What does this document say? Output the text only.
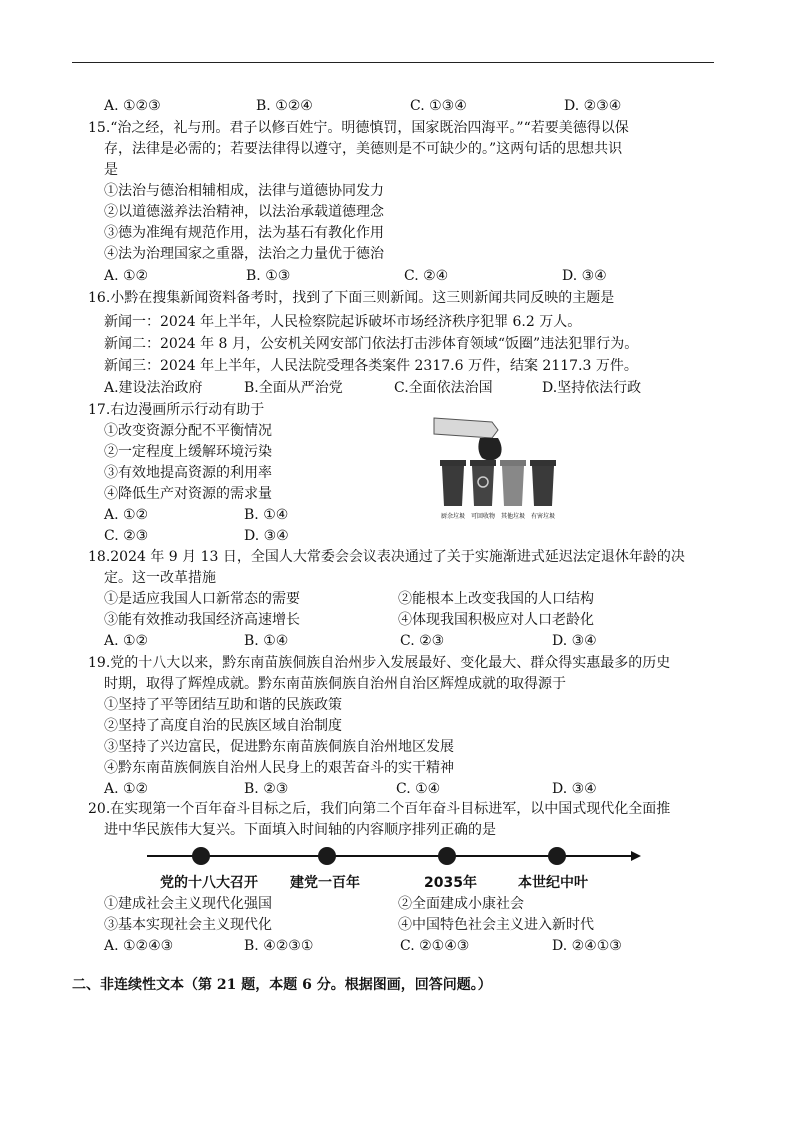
A. ①②③	B. ①②④	C. ①③④	D. ②③④
15.“治之经，礼与刑。君子以修百姓宁。明德慎罚，国家既治四海平。”“若要美德得以保
存，法律是必需的；若要法律得以遵守，美德则是不可缺少的。”这两句话的思想共识
是
①法治与德治相辅相成，法律与道德协同发力
②以道德滋养法治精神，以法治承载道德理念
③德为准绳有规范作用，法为基石有教化作用
④法为治理国家之重器，法治之力量优于德治
A. ①②	B. ①③	C. ②④	D. ③④
16.小黔在搜集新闻资料备考时，找到了下面三则新闻。这三则新闻共同反映的主题是
新闻一：2024 年上半年，人民检察院起诉破坏市场经济秩序犯罪 6.2 万人。
新闻二：2024 年 8 月，公安机关网安部门依法打击涉体育领域“饭圈”违法犯罪行为。
新闻三：2024 年上半年，人民法院受理各类案件 2317.6 万件，结案 2117.3 万件。
A.建设法治政府	B.全面从严治党	C.全面依法治国	D.坚持依法行政
17.右边漫画所示行动有助于
①改变资源分配不平衡情况
②一定程度上缓解环境污染
③有效地提高资源的利用率
④降低生产对资源的需求量
A. ①②	B. ①④
C. ②③	D. ③④
厨余垃圾 可回收物 其他垃圾 有害垃圾
18.2024 年 9 月 13 日，全国人大常委会会议表决通过了关于实施渐进式延迟法定退休年龄的决
定。这一改革措施
①是适应我国人口新常态的需要	②能根本上改变我国的人口结构
③能有效推动我国经济高速增长	④体现我国积极应对人口老龄化
A. ①②	B. ①④	C. ②③	D. ③④
19.党的十八大以来，黔东南苗族侗族自治州步入发展最好、变化最大、群众得实惠最多的历史
时期，取得了辉煌成就。黔东南苗族侗族自治州自治区辉煌成就的取得源于
①坚持了平等团结互助和谐的民族政策
②坚持了高度自治的民族区域自治制度
③坚持了兴边富民，促进黔东南苗族侗族自治州地区发展
④黔东南苗族侗族自治州人民身上的艰苦奋斗的实干精神
A. ①②	B. ②③	C. ①④	D. ③④
20.在实现第一个百年奋斗目标之后，我们向第二个百年奋斗目标进军，以中国式现代化全面推
进中华民族伟大复兴。下面填入时间轴的内容顺序排列正确的是
党的十八大召开 建党一百年	2035年	本世纪中叶
①建成社会主义现代化强国	②全面建成小康社会
③基本实现社会主义现代化	④中国特色社会主义进入新时代
A. ①②④③	B. ④②③①	C. ②①④③	D. ②④①③
二、非连续性文本（第 21 题，本题 6 分。根据图画，回答问题。）
